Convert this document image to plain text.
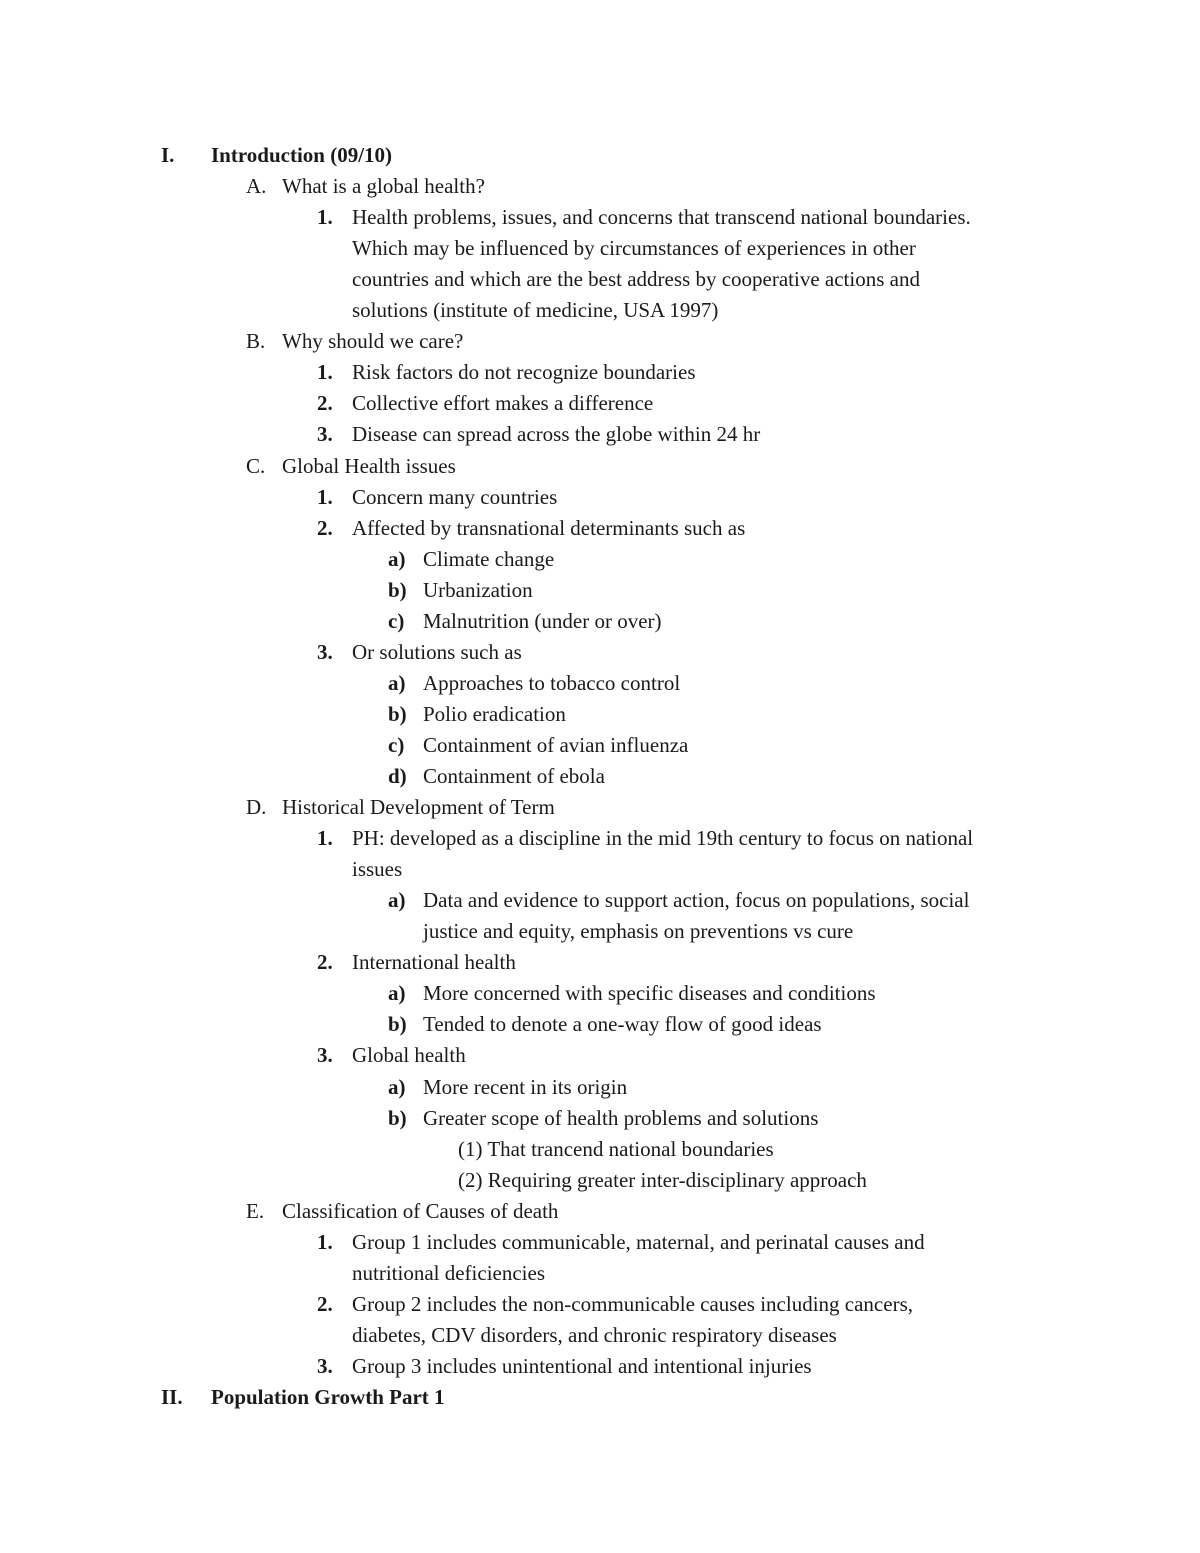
I. Introduction (09/10)
A. What is a global health?
1. Health problems, issues, and concerns that transcend national boundaries.
Which may be influenced by circumstances of experiences in other
countries and which are the best address by cooperative actions and
solutions (institute of medicine, USA 1997)
B. Why should we care?
1. Risk factors do not recognize boundaries
2. Collective effort makes a difference
3. Disease can spread across the globe within 24 hr
C. Global Health issues
1. Concern many countries
2. Affected by transnational determinants such as
a) Climate change
b) Urbanization
c) Malnutrition (under or over)
3. Or solutions such as
a) Approaches to tobacco control
b) Polio eradication
c) Containment of avian influenza
d) Containment of ebola
D. Historical Development of Term
1. PH: developed as a discipline in the mid 19th century to focus on national
issues
a) Data and evidence to support action, focus on populations, social
justice and equity, emphasis on preventions vs cure
2. International health
a) More concerned with specific diseases and conditions
b) Tended to denote a one-way flow of good ideas
3. Global health
a) More recent in its origin
b) Greater scope of health problems and solutions
(1) That trancend national boundaries
(2) Requiring greater inter-disciplinary approach
E. Classification of Causes of death
1. Group 1 includes communicable, maternal, and perinatal causes and
nutritional deficiencies
2. Group 2 includes the non-communicable causes including cancers,
diabetes, CDV disorders, and chronic respiratory diseases
3. Group 3 includes unintentional and intentional injuries
II. Population Growth Part 1
